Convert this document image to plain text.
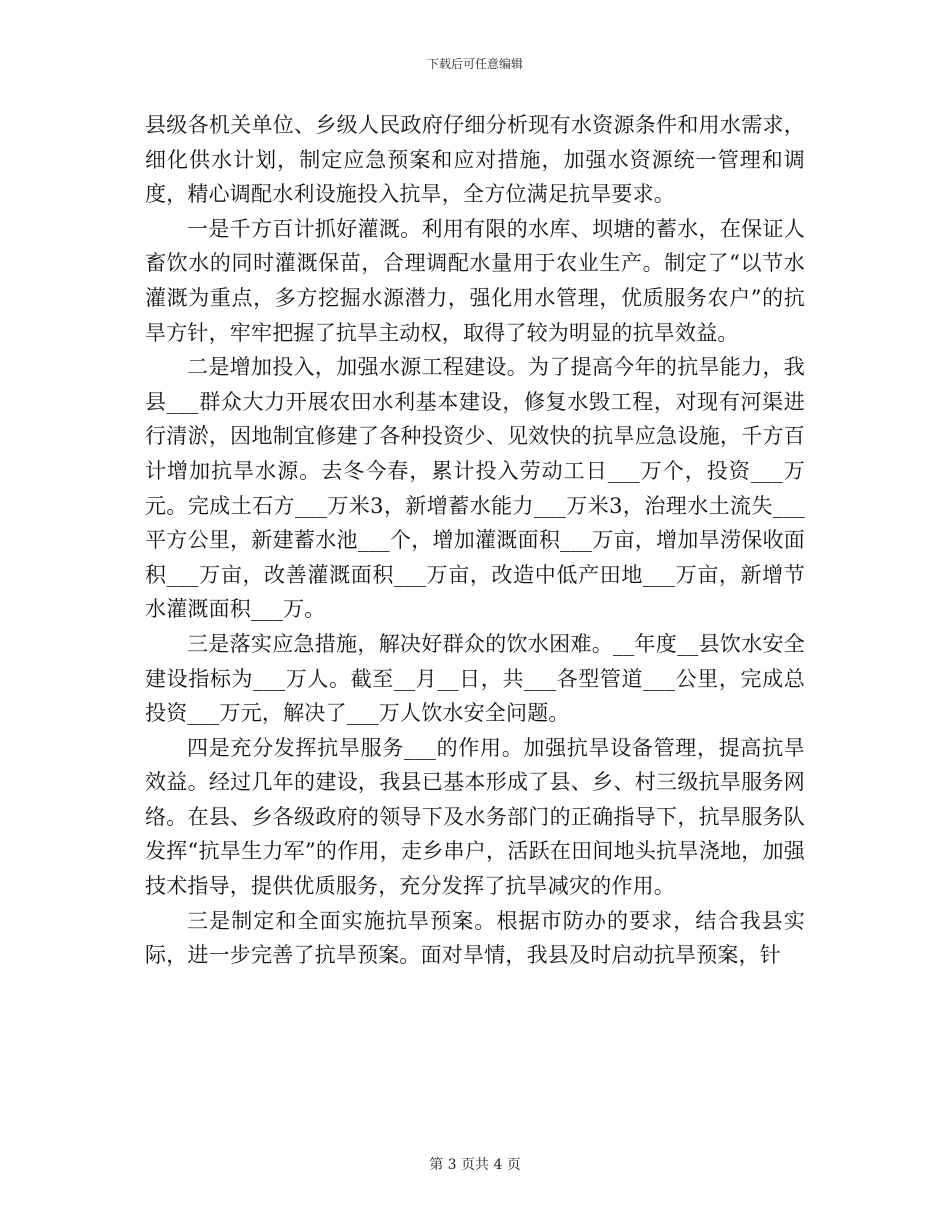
下载后可任意编辑

县级各机关单位、乡级人民政府仔细分析现有水资源条件和用水需求，细化供水计划，制定应急预案和应对措施，加强水资源统一管理和调度，精心调配水利设施投入抗旱，全方位满足抗旱要求。

一是千方百计抓好灌溉。利用有限的水库、坝塘的蓄水，在保证人畜饮水的同时灌溉保苗，合理调配水量用于农业生产。制定了“以节水灌溉为重点，多方挖掘水源潜力，强化用水管理，优质服务农户”的抗旱方针，牢牢把握了抗旱主动权，取得了较为明显的抗旱效益。

二是增加投入，加强水源工程建设。为了提高今年的抗旱能力，我县___群众大力开展农田水利基本建设，修复水毁工程，对现有河渠进行清淤，因地制宜修建了各种投资少、见效快的抗旱应急设施，千方百计增加抗旱水源。去冬今春，累计投入劳动工日___万个，投资___万元。完成土石方___万米3，新增蓄水能力___万米3，治理水土流失___平方公里，新建蓄水池___个，增加灌溉面积___万亩，增加旱涝保收面积___万亩，改善灌溉面积___万亩，改造中低产田地___万亩，新增节水灌溉面积___万。

三是落实应急措施，解决好群众的饮水困难。__年度__县饮水安全建设指标为___万人。截至__月__日，共___各型管道___公里，完成总投资___万元，解决了___万人饮水安全问题。

四是充分发挥抗旱服务___的作用。加强抗旱设备管理，提高抗旱效益。经过几年的建设，我县已基本形成了县、乡、村三级抗旱服务网络。在县、乡各级政府的领导下及水务部门的正确指导下，抗旱服务队发挥“抗旱生力军”的作用，走乡串户，活跃在田间地头抗旱浇地，加强技术指导，提供优质服务，充分发挥了抗旱减灾的作用。

三是制定和全面实施抗旱预案。根据市防办的要求，结合我县实际，进一步完善了抗旱预案。面对旱情，我县及时启动抗旱预案，针

第 3 页共 4 页
